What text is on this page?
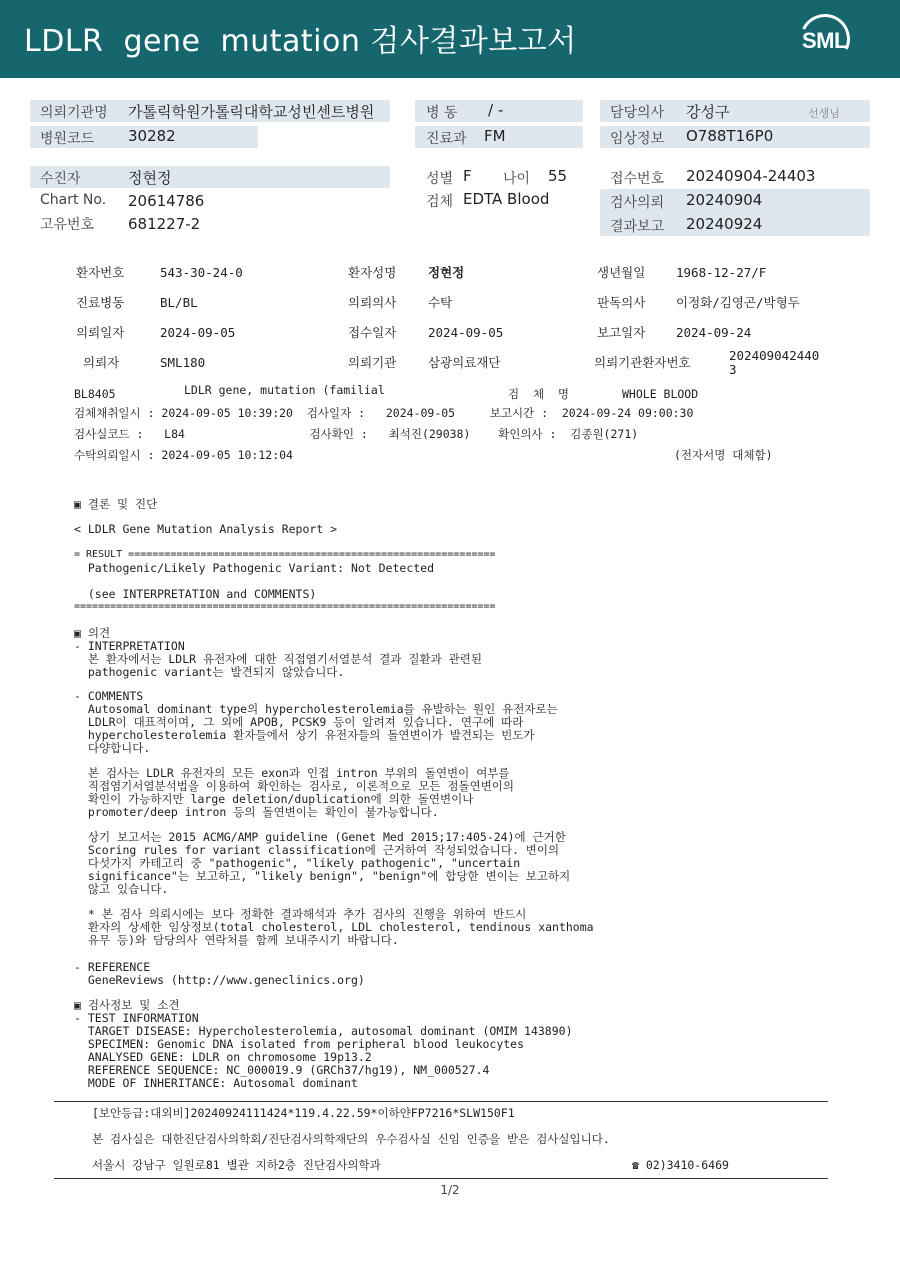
LDLR  gene  mutation 검사결과보고서	SML
의뢰기관명 가톨릭학원가톨릭대학교성빈센트병원
병원코드 30282
병 동 / -
진료과 FM
담당의사 강성구	선생님
임상정보 O788T16P0
수진자	정현정
Chart No. 20614786
고유번호 681227-2
성별 F 나이 55
검체 EDTA Blood
접수번호 20240904-24403
검사의뢰 20240904
결과보고 20240924
환자번호	543-30-24-0	환자성명	정현정	생년월일 1968-12-27/F
진료병동	BL/BL	의뢰의사	수탁	판독의사 이정화/김영곤/박형두
의뢰일자	2024-09-05	접수일자	2024-09-05	보고일자 2024-09-24
의뢰자	SML180	의뢰기관	삼광의료재단	의뢰기관환자번호	202409042440
3
BL8405	LDLR gene, mutation (familial	검  체  명	WHOLE BLOOD
검체채취일시 : 2024-09-05 10:39:20  검사일자 :   2024-09-05     보고시간 :  2024-09-24 09:00:30
검사실코드 :   L84                  검사확인 :   최석진(29038)    확인의사 :  김종원(271)
수탁의뢰일시 : 2024-09-05 10:12:04	(전자서명 대체함)
▣ 결론 및 진단
< LDLR Gene Mutation Analysis Report >
= RESULT =============================================================
Pathogenic/Likely Pathogenic Variant: Not Detected
(see INTERPRETATION and COMMENTS)
======================================================================
▣ 의견
- INTERPRETATION
본 환자에서는 LDLR 유전자에 대한 직접염기서열분석 결과 질환과 관련된
pathogenic variant는 발견되지 않았습니다.
- COMMENTS
Autosomal dominant type의 hypercholesterolemia를 유발하는 원인 유전자로는
LDLR이 대표적이며, 그 외에 APOB, PCSK9 등이 알려져 있습니다. 연구에 따라
hypercholesterolemia 환자들에서 상기 유전자들의 돌연변이가 발견되는 빈도가
다양합니다.
본 검사는 LDLR 유전자의 모든 exon과 인접 intron 부위의 돌연변이 여부를
직접염기서열분석법을 이용하여 확인하는 검사로, 이론적으로 모든 점돌연변이의
확인이 가능하지만 large deletion/duplication에 의한 돌연변이나
promoter/deep intron 등의 돌연변이는 확인이 불가능합니다.
상기 보고서는 2015 ACMG/AMP guideline (Genet Med 2015;17:405-24)에 근거한
Scoring rules for variant classification에 근거하여 작성되었습니다. 변이의
다섯가지 카테고리 중 "pathogenic", "likely pathogenic", "uncertain
significance"는 보고하고, "likely benign", "benign"에 합당한 변이는 보고하지
않고 있습니다.
* 본 검사 의뢰시에는 보다 정확한 결과해석과 추가 검사의 진행을 위하여 반드시
환자의 상세한 임상정보(total cholesterol, LDL cholesterol, tendinous xanthoma
유무 등)와 담당의사 연락처를 함께 보내주시기 바랍니다.
- REFERENCE
GeneReviews (http://www.geneclinics.org)
▣ 검사정보 및 소견
- TEST INFORMATION
TARGET DISEASE: Hypercholesterolemia, autosomal dominant (OMIM 143890)
SPECIMEN: Genomic DNA isolated from peripheral blood leukocytes
ANALYSED GENE: LDLR on chromosome 19p13.2
REFERENCE SEQUENCE: NC_000019.9 (GRCh37/hg19), NM_000527.4
MODE OF INHERITANCE: Autosomal dominant
[보안등급:대외비]20240924111424*119.4.22.59*이하얀FP7216*SLW150F1
본 검사실은 대한진단검사의학회/진단검사의학재단의 우수검사실 신임 인증을 받은 검사실입니다.
서울시 강남구 일원로81 별관 지하2층 진단검사의학과	☎ 02)3410-6469
1/2
